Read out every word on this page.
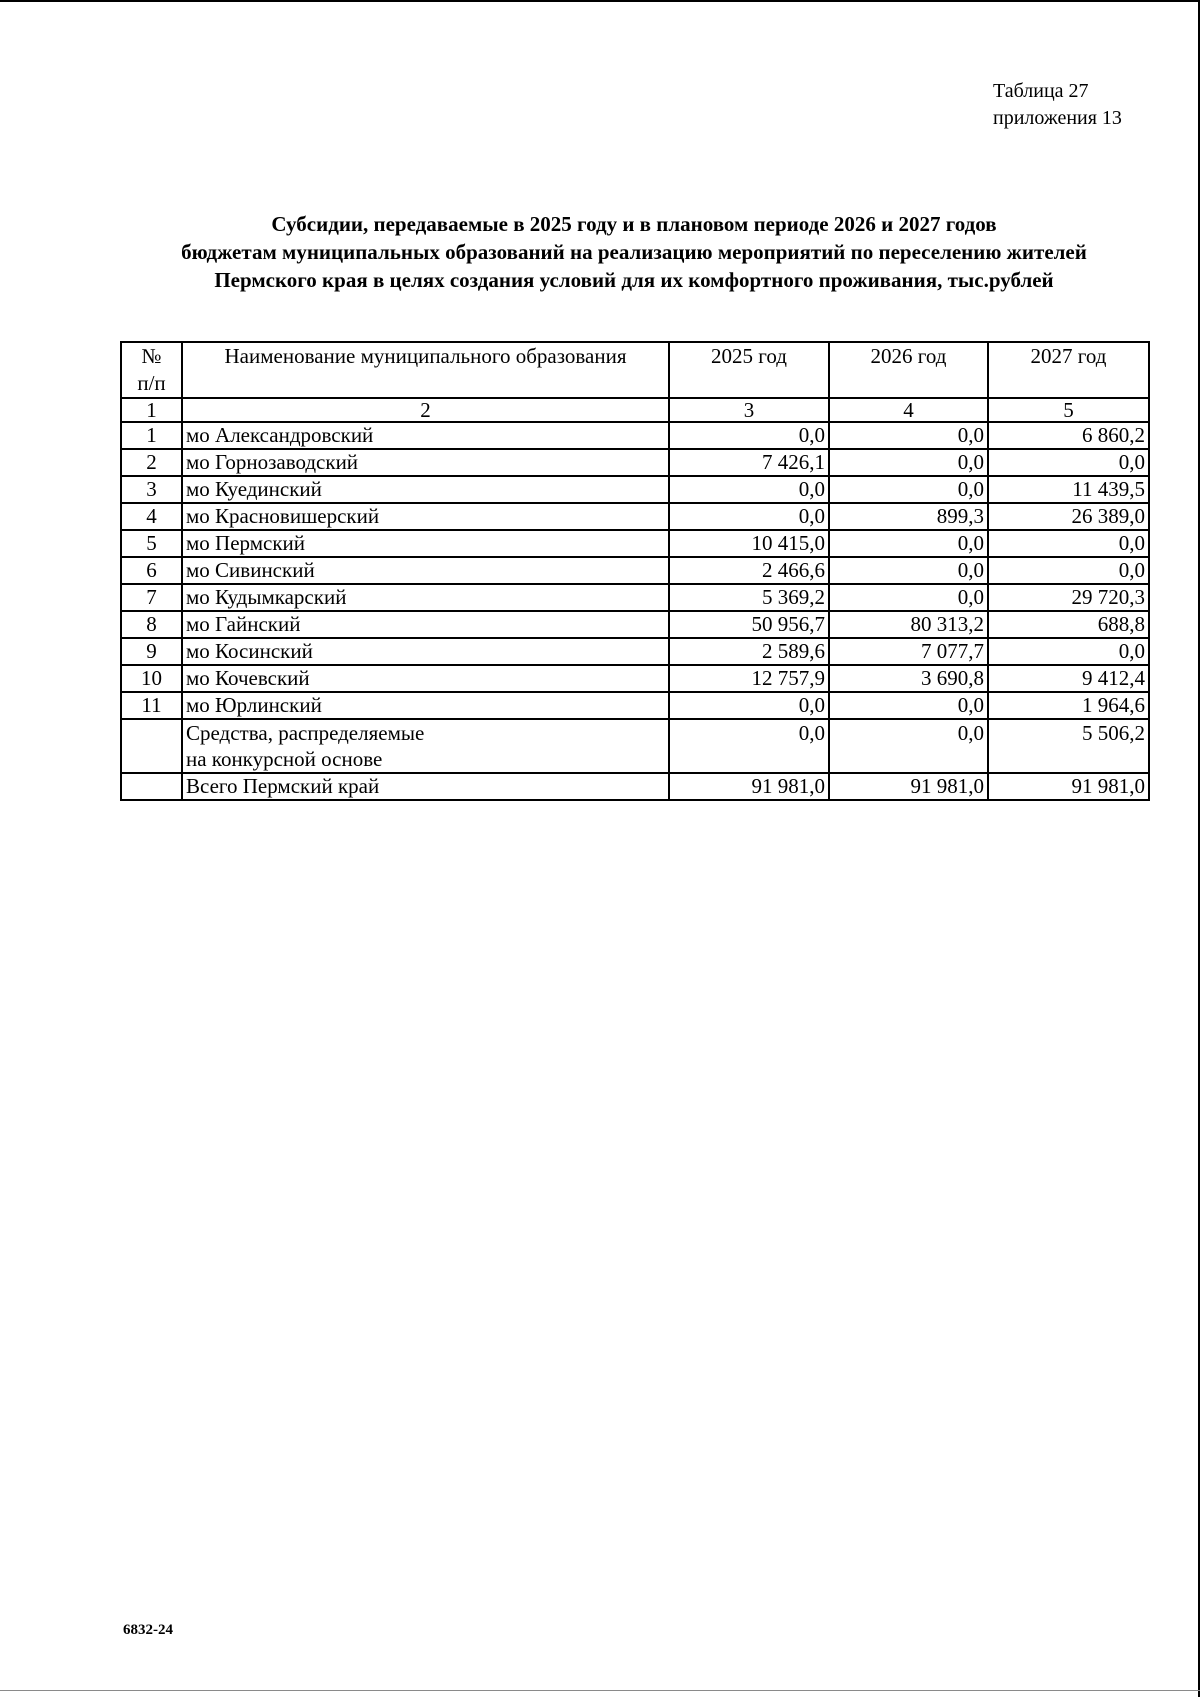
Таблица 27
приложения 13
Субсидии, передаваемые в 2025 году и в плановом периоде 2026 и 2027 годов
бюджетам муниципальных образований на реализацию мероприятий по переселению жителей
Пермского края в целях создания условий для их комфортного проживания, тыс.рублей
№
п/п	Наименование муниципального образования	2025 год	2026 год	2027 год
1	2	3	4	5
1	мо Александровский	0,0	0,0	6 860,2
2	мо Горнозаводский	7 426,1	0,0	0,0
3	мо Куединский	0,0	0,0	11 439,5
4	мо Красновишерский	0,0	899,3	26 389,0
5	мо Пермский	10 415,0	0,0	0,0
6	мо Сивинский	2 466,6	0,0	0,0
7	мо Кудымкарский	5 369,2	0,0	29 720,3
8	мо Гайнский	50 956,7	80 313,2	688,8
9	мо Косинский	2 589,6	7 077,7	0,0
10	мо Кочевский	12 757,9	3 690,8	9 412,4
11	мо Юрлинский	0,0	0,0	1 964,6

	Средства, распределяемые
на конкурсной основе	0,0	0,0	5 506,2
	Всего Пермский край	91 981,0	91 981,0	91 981,0
6832-24
